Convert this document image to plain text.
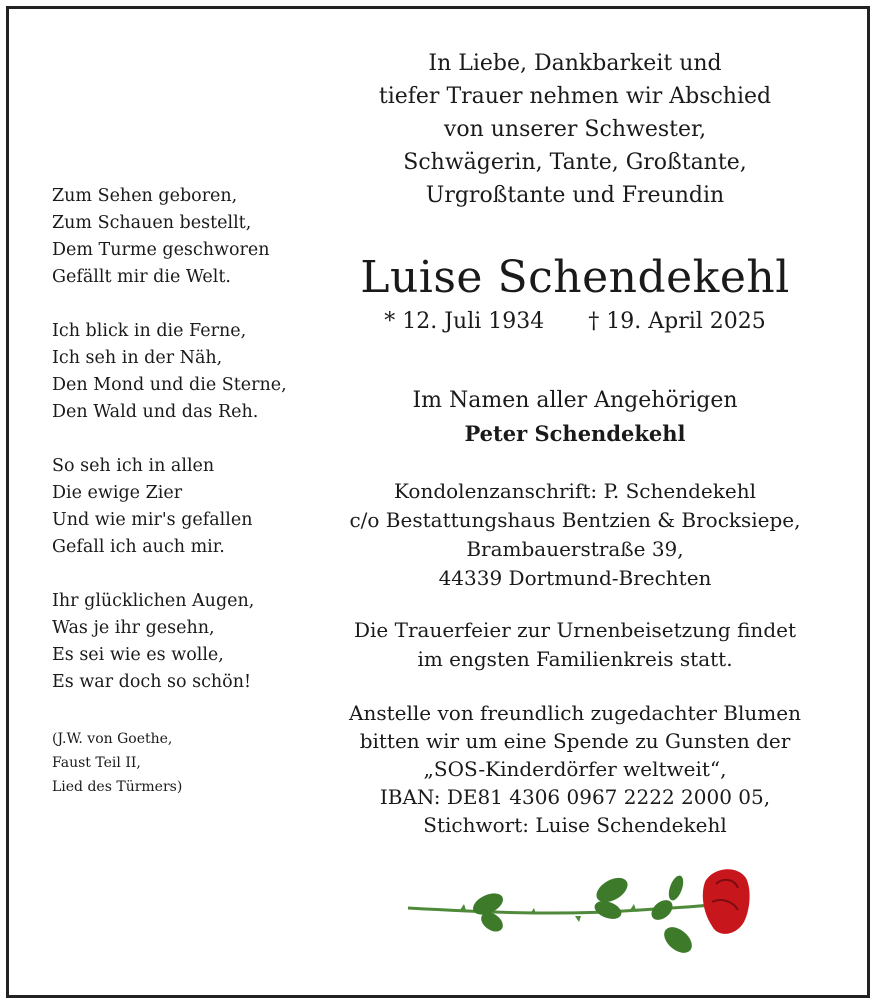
Zum Sehen geboren,
Zum Schauen bestellt,
Dem Turme geschworen
Gefällt mir die Welt.
Ich blick in die Ferne,
Ich seh in der Näh,
Den Mond und die Sterne,
Den Wald und das Reh.
So seh ich in allen
Die ewige Zier
Und wie mir's gefallen
Gefall ich auch mir.
Ihr glücklichen Augen,
Was je ihr gesehn,
Es sei wie es wolle,
Es war doch so schön!
(J.W. von Goethe,
Faust Teil II,
Lied des Türmers)
In Liebe, Dankbarkeit und
tiefer Trauer nehmen wir Abschied
von unserer Schwester,
Schwägerin, Tante, Großtante,
Urgroßtante und Freundin
Luise Schendekehl
* 12. Juli 1934 † 19. April 2025
Im Namen aller Angehörigen
Peter Schendekehl
Kondolenzanschrift: P. Schendekehl
c/o Bestattungshaus Bentzien & Brocksiepe,
Brambauerstraße 39,
44339 Dortmund-Brechten
Die Trauerfeier zur Urnenbeisetzung findet
im engsten Familienkreis statt.
Anstelle von freundlich zugedachter Blumen
bitten wir um eine Spende zu Gunsten der
„SOS-Kinderdörfer weltweit“,
IBAN: DE81 4306 0967 2222 2000 05,
Stichwort: Luise Schendekehl
